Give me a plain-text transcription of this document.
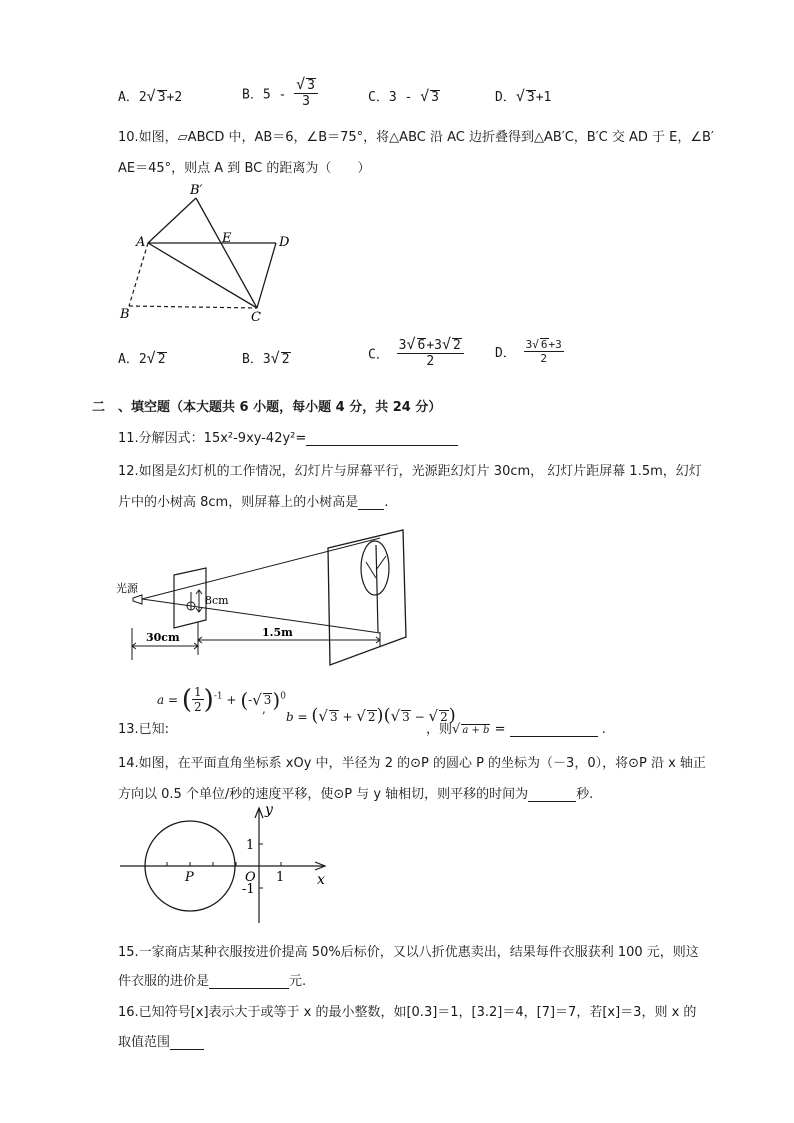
A．2√ 3+2	B．$5 - \frac{√ 3}{3}$	C．3 - √ 3	D．√ 3+1
10.如图，▱ABCD 中，AB＝6，∠B＝75°，将△ABC 沿 AC 边折叠得到△AB′C，B′C 交 AD 于 E，∠B′
AE＝45°，则点 A 到 BC 的距离为（　　）
B′
A	E	D
B	C
A．2√ 2	B．3√ 2	C． $\frac{3√ 6+3√ 2}{2}$ D． $\frac{3√ 6+3}{2}$
二　、填空题（本大题共 6 小题，每小题 4 分，共 24 分）
11.分解因式：15x²-9xy-42y²=
12.如图是幻灯机的工作情况，幻灯片与屏幕平行，光源距幻灯片 30cm， 幻灯片距屏幕 1.5m，幻灯
片中的小树高 8cm，则屏幕上的小树高是 .
光源
8cm
30cm	1.5m
13.已知:
a = ( $\frac{1}{2} )^{-1}$ + (-√ 3)$^0$
,
b = (√ 3 + √ 2)(√ 3 − √ 2)
，则√ a + b =	.
14.如图，在平面直角坐标系 xOy 中，半径为 2 的⊙P 的圆心 P 的坐标为（－3，0），将⊙P 沿 x 轴正
方向以 0.5 个单位/秒的速度平移，使⊙P 与 y 轴相切，则平移的时间为	秒.
y
x
O
P
1
1
-1
15.一家商店某种衣服按进价提高 50%后标价，又以八折优惠卖出，结果每件衣服获利 100 元，则这
件衣服的进价是	元.
16.已知符号[x]表示大于或等于 x 的最小整数，如[0.3]＝1，[3.2]＝4，[7]＝7，若[x]＝3，则 x 的
取值范围
